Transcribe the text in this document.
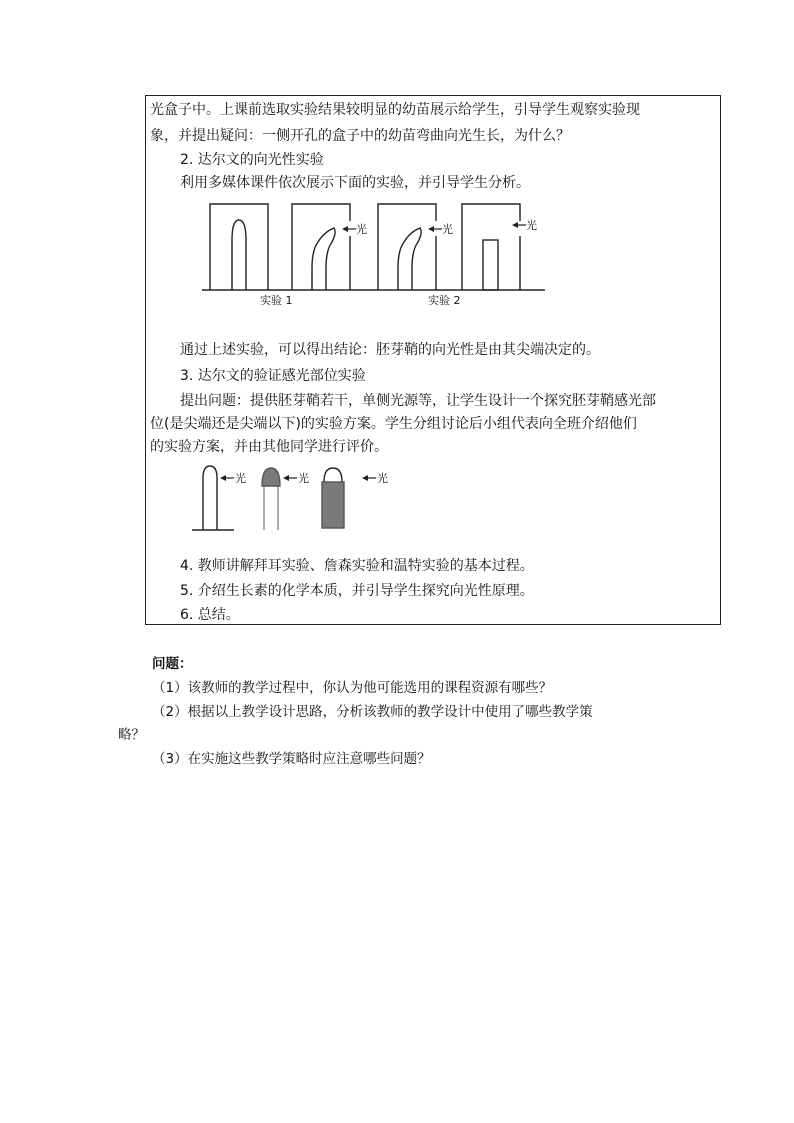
光盒子中。上课前选取实验结果较明显的幼苗展示给学生，引导学生观察实验现
象，并提出疑问：一侧开孔的盒子中的幼苗弯曲向光生长，为什么？
2. 达尔文的向光性实验
利用多媒体课件依次展示下面的实验，并引导学生分析。
光	光	光
实验 1	实验 2
通过上述实验，可以得出结论：胚芽鞘的向光性是由其尖端决定的。
3. 达尔文的验证感光部位实验
提出问题：提供胚芽鞘若干，单侧光源等，让学生设计一个探究胚芽鞘感光部
位(是尖端还是尖端以下)的实验方案。学生分组讨论后小组代表向全班介绍他们
的实验方案，并由其他同学进行评价。
光	光	光
4. 教师讲解拜耳实验、詹森实验和温特实验的基本过程。
5. 介绍生长素的化学本质，并引导学生探究向光性原理。
6. 总结。
问题：
（1）该教师的教学过程中，你认为他可能选用的课程资源有哪些？
（2）根据以上教学设计思路，分析该教师的教学设计中使用了哪些教学策
略？
（3）在实施这些教学策略时应注意哪些问题？
